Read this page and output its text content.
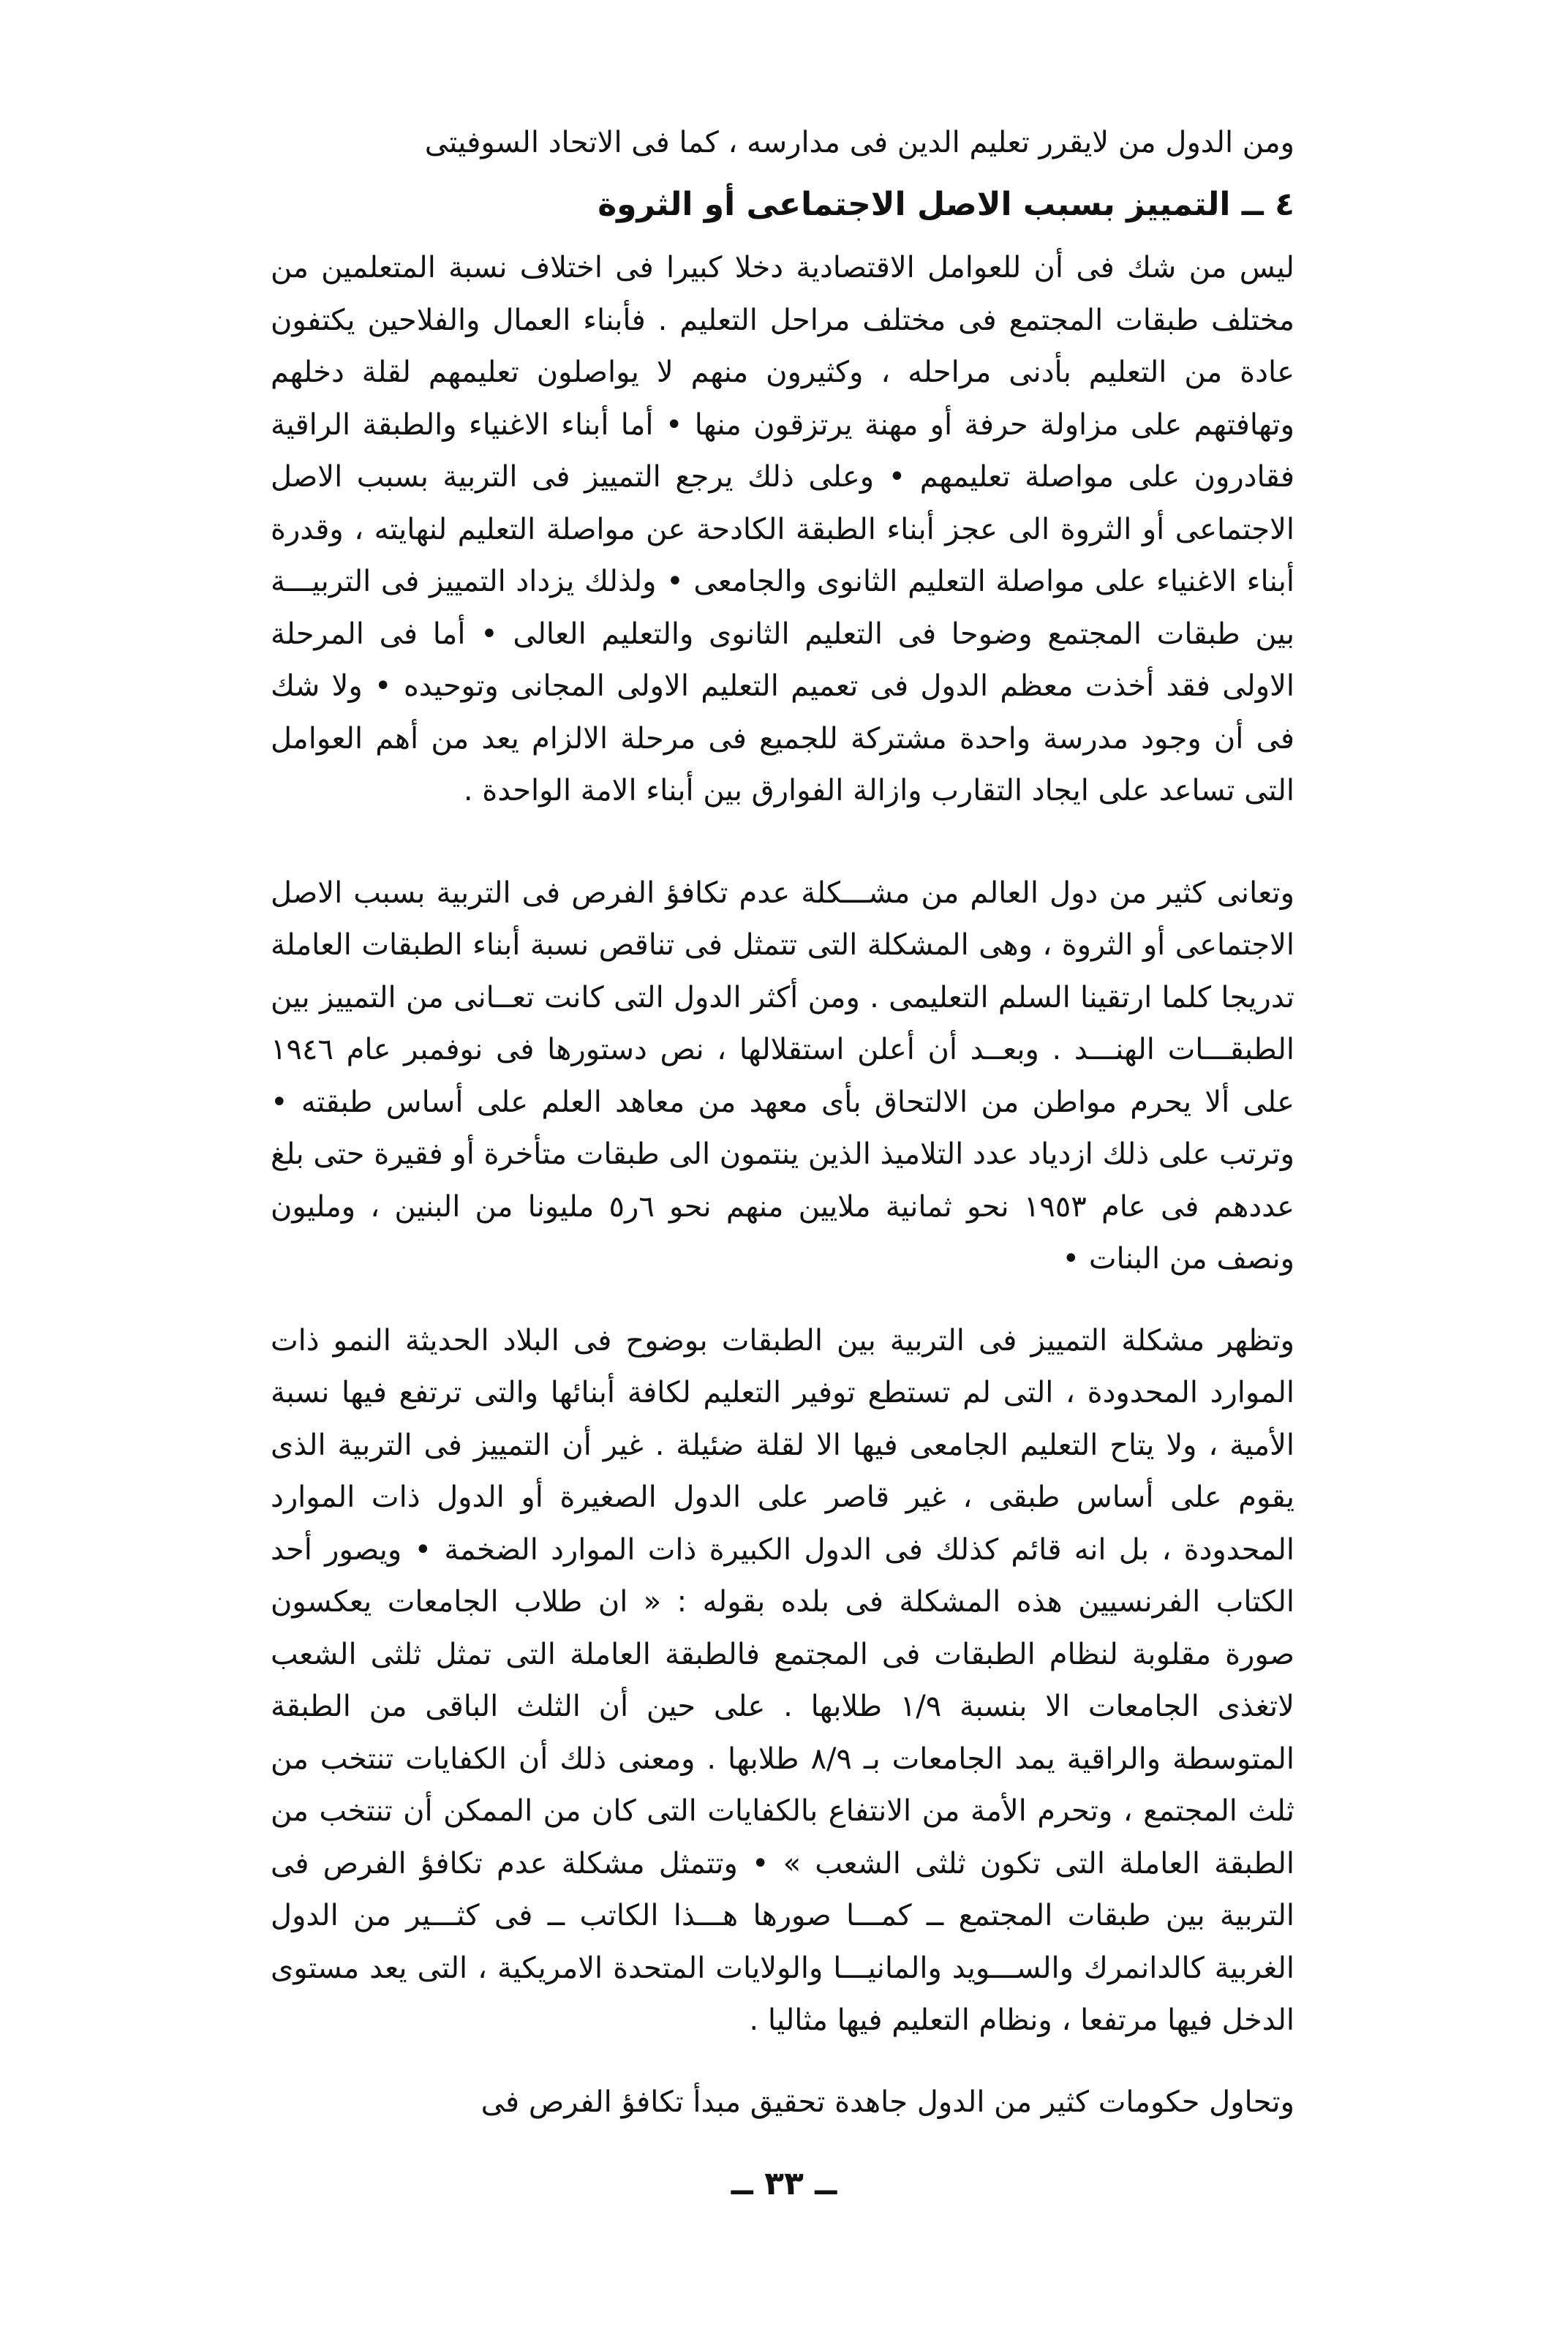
ومن الدول من لايقرر تعليم الدين فى مدارسه ، كما فى الاتحاد السوفيتى

٤ ــ التمييز بسبب الاصل الاجتماعى أو الثروة

ليس من شك فى أن للعوامل الاقتصادية دخلا كبيرا فى اختلاف نسبة المتعلمين من مختلف طبقات المجتمع فى مختلف مراحل التعليم . فأبناء العمال والفلاحين يكتفون عادة من التعليم بأدنى مراحله ، وكثيرون منهم لا يواصلون تعليمهم لقلة دخلهم وتهافتهم على مزاولة حرفة أو مهنة يرتزقون منها • أما أبناء الاغنياء والطبقة الراقية فقادرون على مواصلة تعليمهم • وعلى ذلك يرجع التمييز فى التربية بسبب الاصل الاجتماعى أو الثروة الى عجز أبناء الطبقة الكادحة عن مواصلة التعليم لنهايته ، وقدرة أبناء الاغنياء على مواصلة التعليم الثانوى والجامعى • ولذلك يزداد التمييز فى التربيـــة بين طبقات المجتمع وضوحا فى التعليم الثانوى والتعليم العالى • أما فى المرحلة الاولى فقد أخذت معظم الدول فى تعميم التعليم الاولى المجانى وتوحيده • ولا شك فى أن وجود مدرسة واحدة مشتركة للجميع فى مرحلة الالزام يعد من أهم العوامل التى تساعد على ايجاد التقارب وازالة الفوارق بين أبناء الامة الواحدة .

وتعانى كثير من دول العالم من مشـــكلة عدم تكافؤ الفرص فى التربية بسبب الاصل الاجتماعى أو الثروة ، وهى المشكلة التى تتمثل فى تناقص نسبة أبناء الطبقات العاملة تدريجا كلما ارتقينا السلم التعليمى . ومن أكثر الدول التى كانت تعــانى من التمييز بين الطبقـــات الهنـــد . وبعــد أن أعلن استقلالها ، نص دستورها فى نوفمبر عام ١٩٤٦ على ألا يحرم مواطن من الالتحاق بأى معهد من معاهد العلم على أساس طبقته • وترتب على ذلك ازدياد عدد التلاميذ الذين ينتمون الى طبقات متأخرة أو فقيرة حتى بلغ عددهم فى عام ١٩٥٣ نحو ثمانية ملايين منهم نحو ٦ر٥ مليونا من البنين ، ومليون ونصف من البنات •

وتظهر مشكلة التمييز فى التربية بين الطبقات بوضوح فى البلاد الحديثة النمو ذات الموارد المحدودة ، التى لم تستطع توفير التعليم لكافة أبنائها والتى ترتفع فيها نسبة الأمية ، ولا يتاح التعليم الجامعى فيها الا لقلة ضئيلة . غير أن التمييز فى التربية الذى يقوم على أساس طبقى ، غير قاصر على الدول الصغيرة أو الدول ذات الموارد المحدودة ، بل انه قائم كذلك فى الدول الكبيرة ذات الموارد الضخمة • ويصور أحد الكتاب الفرنسيين هذه المشكلة فى بلده بقوله : « ان طلاب الجامعات يعكسون صورة مقلوبة لنظام الطبقات فى المجتمع فالطبقة العاملة التى تمثل ثلثى الشعب لاتغذى الجامعات الا بنسبة ١/٩ طلابها . على حين أن الثلث الباقى من الطبقة المتوسطة والراقية يمد الجامعات بـ ٨/٩ طلابها . ومعنى ذلك أن الكفايات تنتخب من ثلث المجتمع ، وتحرم الأمة من الانتفاع بالكفايات التى كان من الممكن أن تنتخب من الطبقة العاملة التى تكون ثلثى الشعب » • وتتمثل مشكلة عدم تكافؤ الفرص فى التربية بين طبقات المجتمع ــ كمـــا صورها هـــذا الكاتب ــ فى كثـــير من الدول الغربية كالدانمرك والســـويد والمانيـــا والولايات المتحدة الامريكية ، التى يعد مستوى الدخل فيها مرتفعا ، ونظام التعليم فيها مثاليا .

وتحاول حكومات كثير من الدول جاهدة تحقيق مبدأ تكافؤ الفرص فى

ــ ٣٣ ــ
